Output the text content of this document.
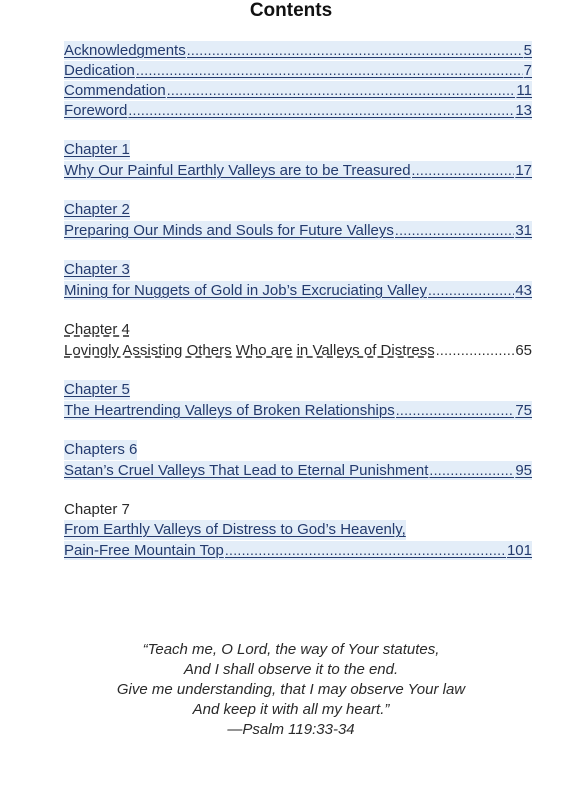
Contents
Acknowledgments .....	5
Dedication .....	7
Commendation .....	11
Foreword .....	13
Chapter 1
Why Our Painful Earthly Valleys are to be Treasured .....	17
Chapter 2
Preparing Our Minds and Souls for Future Valleys .....	31
Chapter 3
Mining for Nuggets of Gold in Job’s Excruciating Valley .....	43
Chapter 4
Lovingly Assisting Others Who are in Valleys of Distress .....	65
Chapter 5
The Heartrending Valleys of Broken Relationships .....	75
Chapters 6
Satan’s Cruel Valleys That Lead to Eternal Punishment .....	95
Chapter 7
From Earthly Valleys of Distress to God’s Heavenly,
Pain-Free Mountain Top .....	101
“Teach me, O Lord, the way of Your statutes,
And I shall observe it to the end.
Give me understanding, that I may observe Your law
And keep it with all my heart.”
—Psalm 119:33-34
